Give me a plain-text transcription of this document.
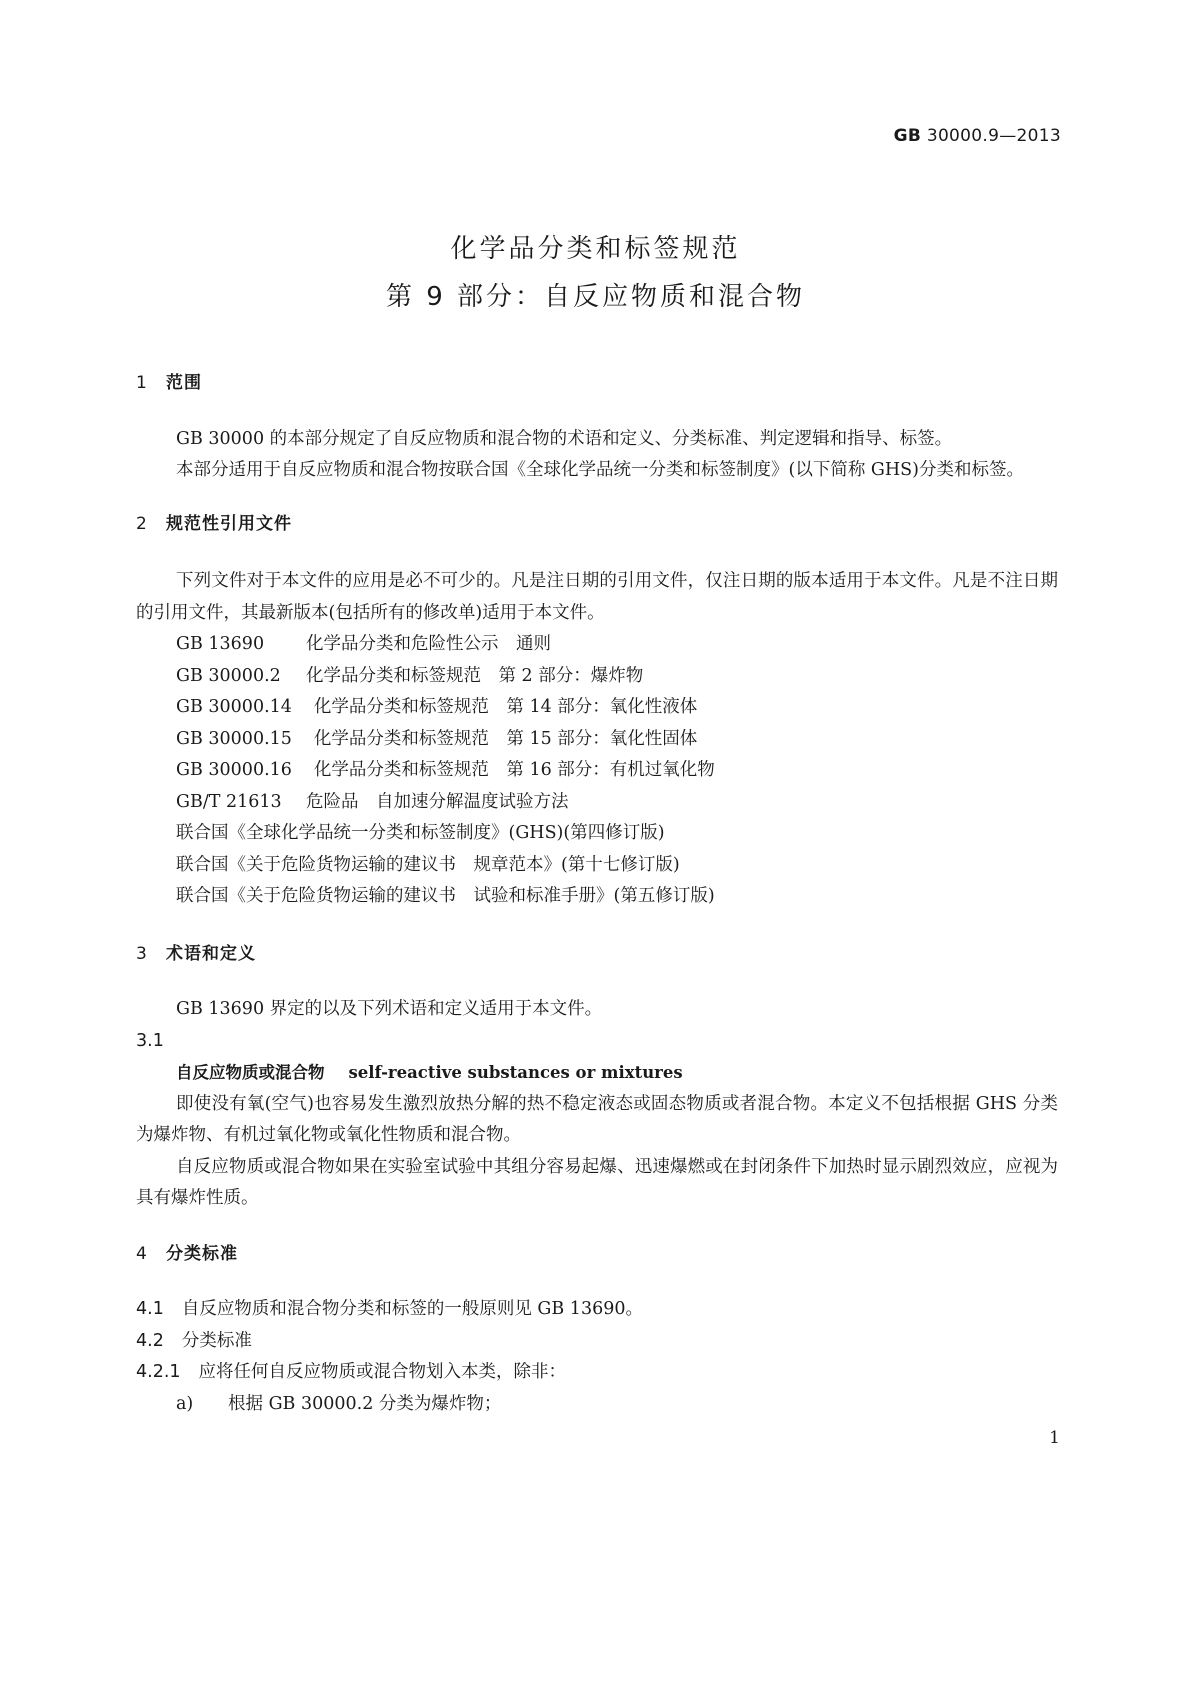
GB 30000.9—2013
化学品分类和标签规范
第 9 部分：自反应物质和混合物
1 范围

GB 30000 的本部分规定了自反应物质和混合物的术语和定义、分类标准、判定逻辑和指导、标签。

本部分适用于自反应物质和混合物按联合国《全球化学品统一分类和标签制度》(以下简称 GHS)分类和标签。

2 规范性引用文件

下列文件对于本文件的应用是必不可少的。凡是注日期的引用文件，仅注日期的版本适用于本文件。凡是不注日期的引用文件，其最新版本(包括所有的修改单)适用于本文件。

GB 13690 化学品分类和危险性公示　通则
GB 30000.2 化学品分类和标签规范　第 2 部分：爆炸物
GB 30000.14 化学品分类和标签规范　第 14 部分：氧化性液体
GB 30000.15 化学品分类和标签规范　第 15 部分：氧化性固体
GB 30000.16 化学品分类和标签规范　第 16 部分：有机过氧化物
GB/T 21613 危险品　自加速分解温度试验方法
联合国《全球化学品统一分类和标签制度》(GHS)(第四修订版)
联合国《关于危险货物运输的建议书　规章范本》(第十七修订版)
联合国《关于危险货物运输的建议书　试验和标准手册》(第五修订版)
3 术语和定义

GB 13690 界定的以及下列术语和定义适用于本文件。

3.1

自反应物质或混合物 self-reactive substances or mixtures

即使没有氧(空气)也容易发生激烈放热分解的热不稳定液态或固态物质或者混合物。本定义不包括根据 GHS 分类为爆炸物、有机过氧化物或氧化性物质和混合物。

自反应物质或混合物如果在实验室试验中其组分容易起爆、迅速爆燃或在封闭条件下加热时显示剧烈效应，应视为具有爆炸性质。

4 分类标准

4.1 自反应物质和混合物分类和标签的一般原则见 GB 13690。

4.2 分类标准

4.2.1 应将任何自反应物质或混合物划入本类，除非：

a) 根据 GB 30000.2 分类为爆炸物；

1
